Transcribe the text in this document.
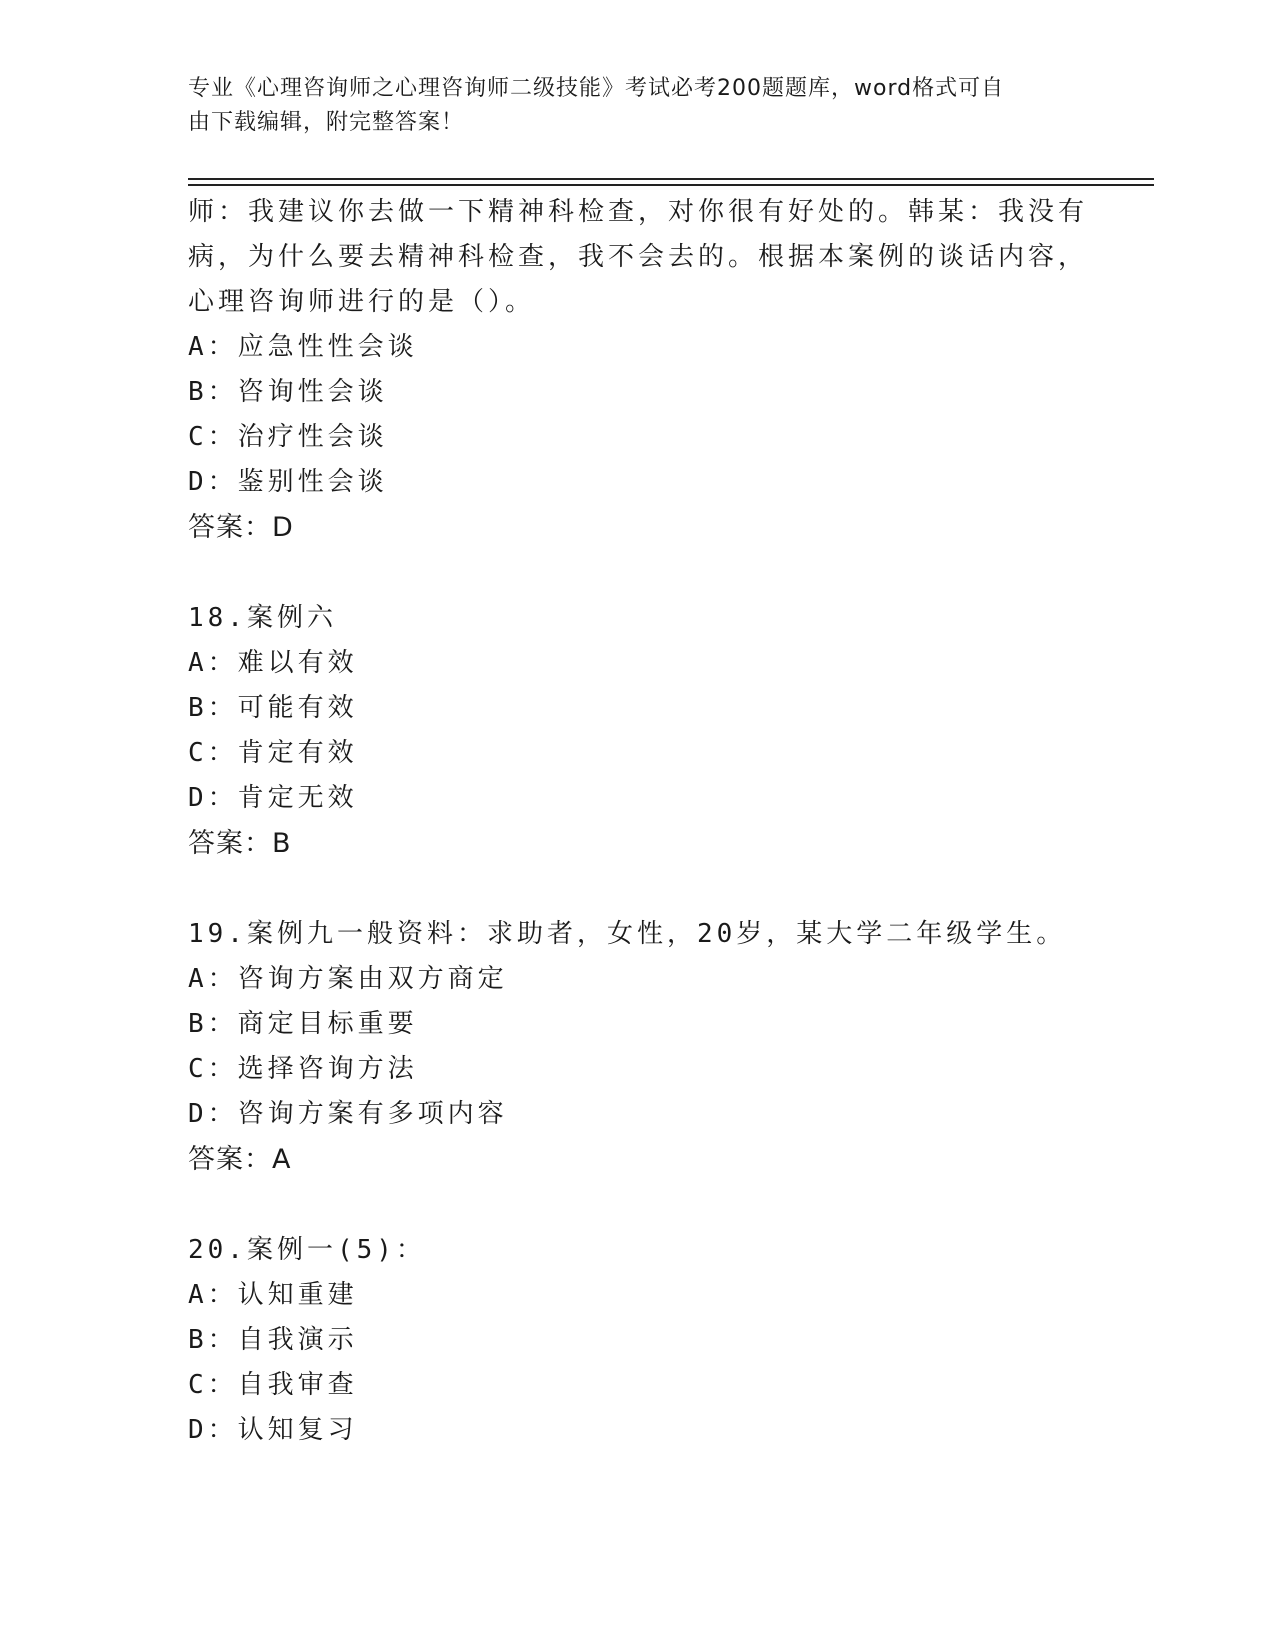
专业《心理咨询师之心理咨询师二级技能》考试必考200题题库，word格式可自
由下载编辑，附完整答案！
师：我建议你去做一下精神科检查，对你很有好处的。韩某：我没有
病，为什么要去精神科检查，我不会去的。根据本案例的谈话内容，
心理咨询师进行的是（）。
A：应急性性会谈
B：咨询性会谈
C：治疗性会谈
D：鉴别性会谈
答案：D
18.案例六
A：难以有效
B：可能有效
C：肯定有效
D：肯定无效
答案：B
19.案例九一般资料：求助者，女性，20岁，某大学二年级学生。
A：咨询方案由双方商定
B：商定目标重要
C：选择咨询方法
D：咨询方案有多项内容
答案：A
20.案例一(5)：
A：认知重建
B：自我演示
C：自我审查
D：认知复习
